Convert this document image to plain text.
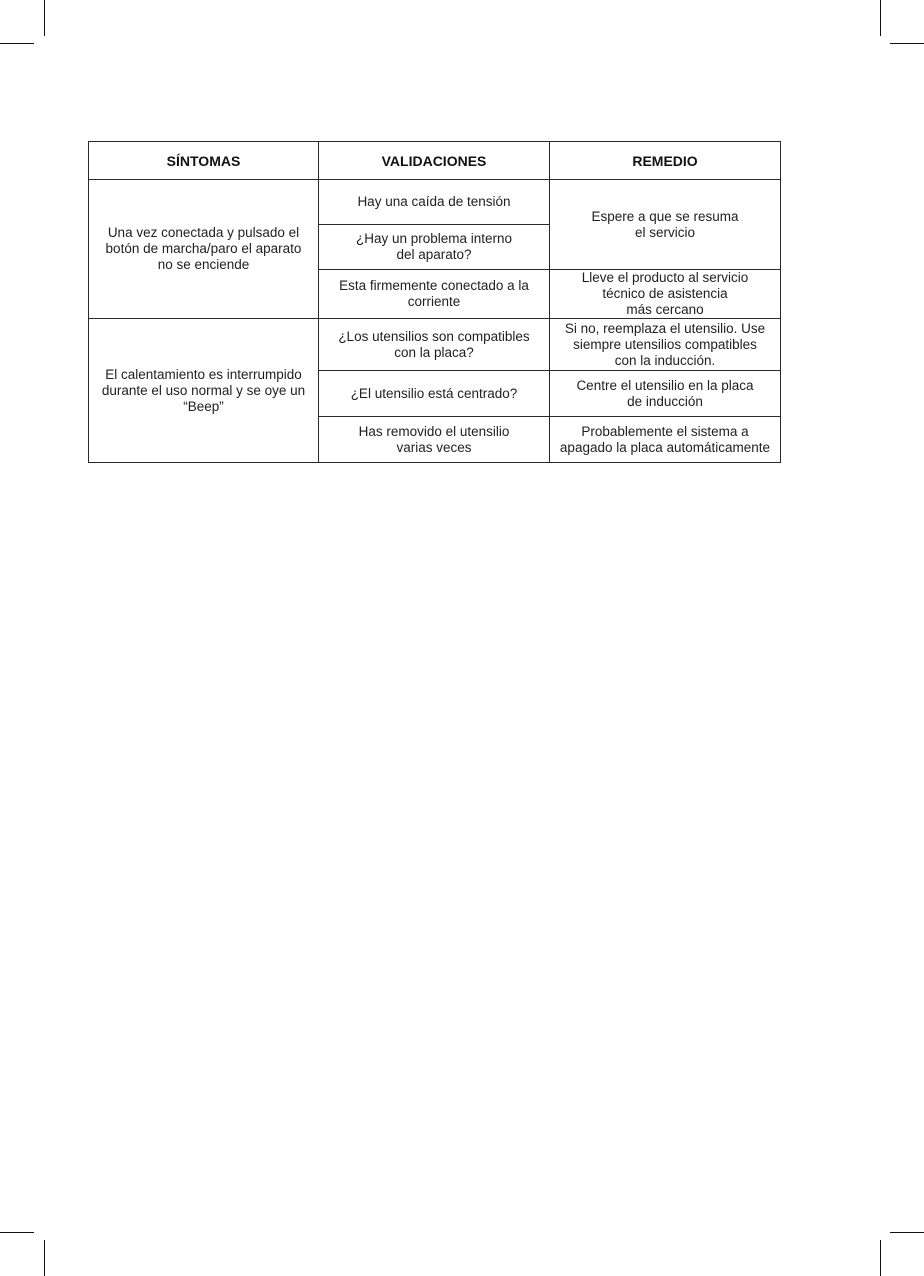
SÍNTOMAS	VALIDACIONES	REMEDIO
Una vez conectada y pulsado el
botón de marcha/paro el aparato
no se enciende	Hay una caída de tensión	Espere a que se resuma
el servicio
	¿Hay un problema interno
del aparato?	
	Esta firmemente conectado a la
corriente	Lleve el producto al servicio
técnico de asistencia
más cercano
El calentamiento es interrumpido
durante el uso normal y se oye un
“Beep”	¿Los utensilios son compatibles
con la placa?	Si no, reemplaza el utensilio. Use
siempre utensilios compatibles
con la inducción.
	¿El utensilio está centrado?	Centre el utensilio en la placa
de inducción
	Has removido el utensilio
varias veces	Probablemente el sistema a
apagado la placa automáticamente
